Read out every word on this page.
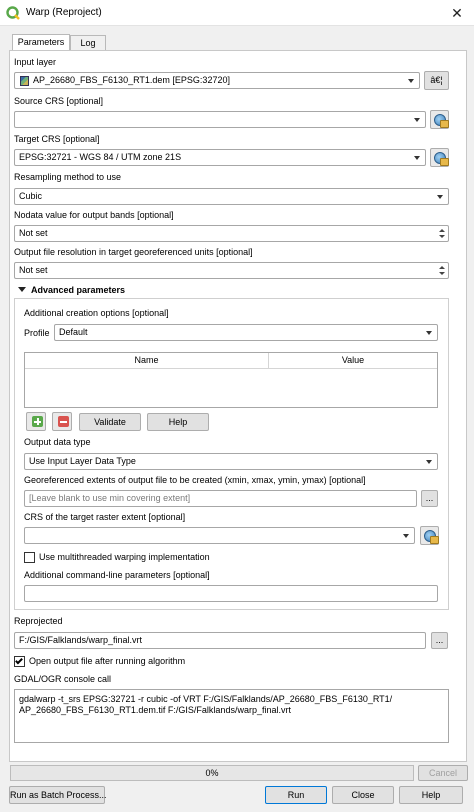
Warp (Reproject)	✕
Parameters	Log
Input layer
AP_26680_FBS_F6130_RT1.dem [EPSG:32720]	â€¦
Source CRS [optional]
Target CRS [optional]
EPSG:32721 - WGS 84 / UTM zone 21S
Resampling method to use
Cubic
Nodata value for output bands [optional]
Not set
Output file resolution in target georeferenced units [optional]
Not set
Advanced parameters
Additional creation options [optional]
Profile	Default
Name	Value
Validate	Help
Output data type
Use Input Layer Data Type
Georeferenced extents of output file to be created (xmin, xmax, ymin, ymax) [optional]
[Leave blank to use min covering extent]	...
CRS of the target raster extent [optional]
Use multithreaded warping implementation
Additional command-line parameters [optional]
Reprojected
F:/GIS/Falklands/warp_final.vrt	...
Open output file after running algorithm
GDAL/OGR console call
gdalwarp -t_srs EPSG:32721 -r cubic -of VRT F:/GIS/Falklands/AP_26680_FBS_F6130_RT1/
AP_26680_FBS_F6130_RT1.dem.tif F:/GIS/Falklands/warp_final.vrt
0%	Cancel
Run as Batch Process...	Run	Close	Help
